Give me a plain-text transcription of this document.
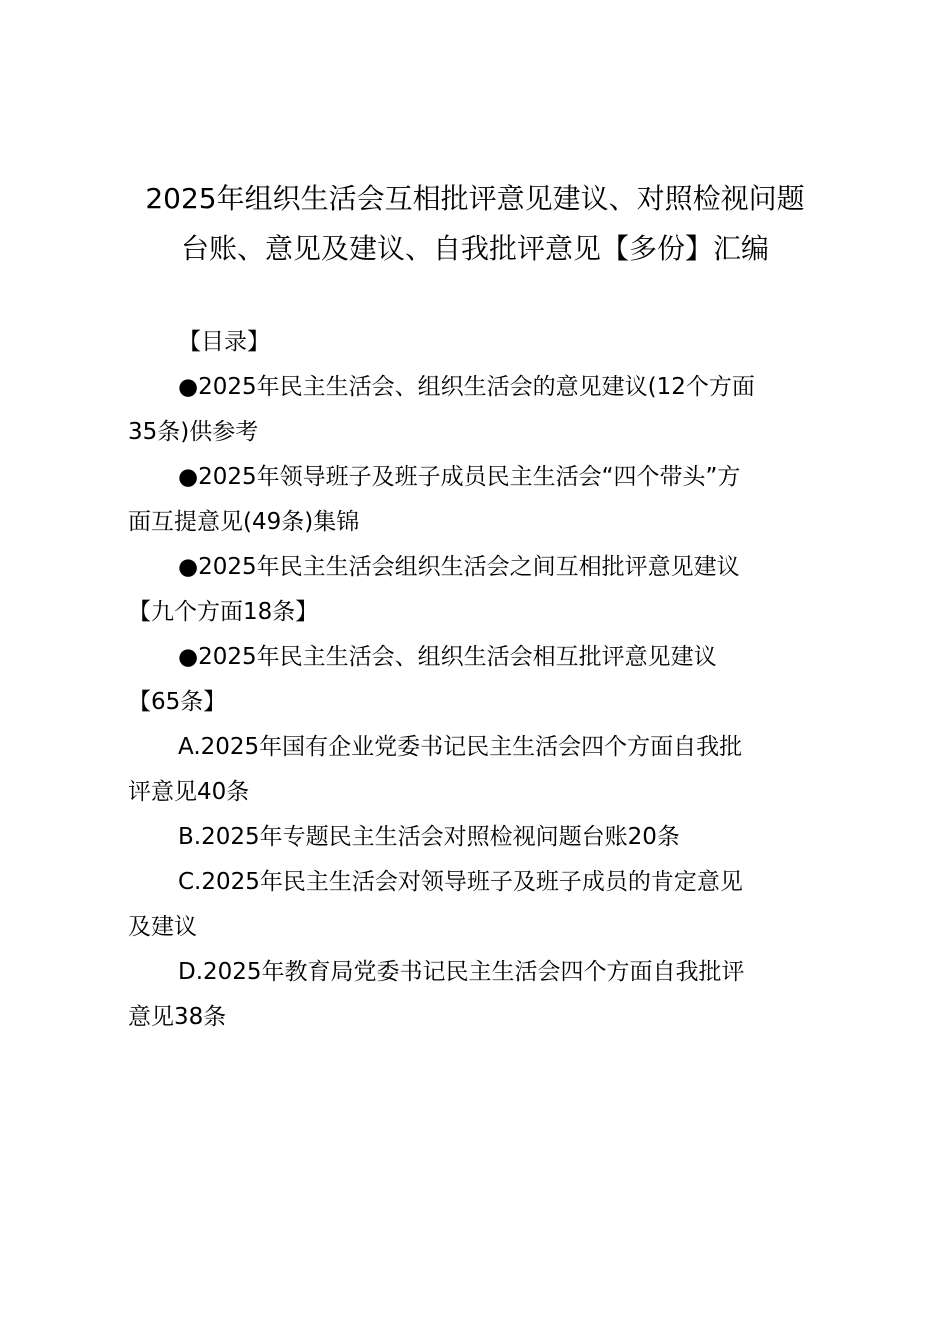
2025年组织生活会互相批评意见建议、对照检视问题
台账、意见及建议、自我批评意见【多份】汇编
【目录】
●2025年民主生活会、组织生活会的意见建议(12个方面
35条)供参考
●2025年领导班子及班子成员民主生活会“四个带头”方
面互提意见(49条)集锦
●2025年民主生活会组织生活会之间互相批评意见建议
【九个方面18条】
●2025年民主生活会、组织生活会相互批评意见建议
【65条】
A.2025年国有企业党委书记民主生活会四个方面自我批
评意见40条
B.2025年专题民主生活会对照检视问题台账20条
C.2025年民主生活会对领导班子及班子成员的肯定意见
及建议
D.2025年教育局党委书记民主生活会四个方面自我批评
意见38条
